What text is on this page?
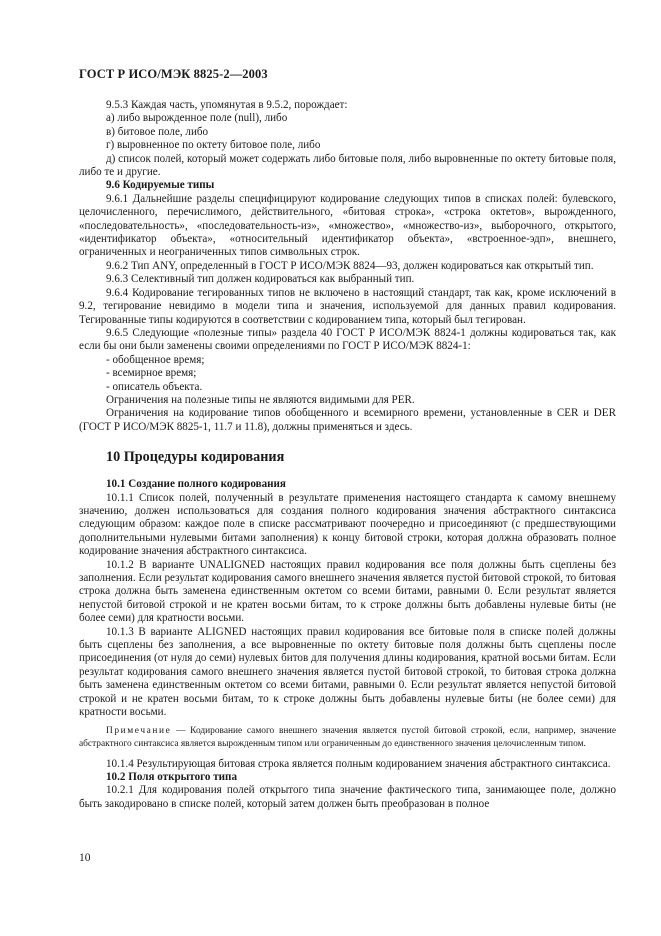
ГОСТ Р ИСО/МЭК 8825-2—2003

9.5.3 Каждая часть, упомянутая в 9.5.2, порождает:

а) либо вырожденное поле (null), либо

в) битовое поле, либо

г) выровненное по октету битовое поле, либо

д) список полей, который может содержать либо битовые поля, либо выровненные по октету битовые поля, либо те и другие.

9.6 Кодируемые типы

9.6.1 Дальнейшие разделы специфицируют кодирование следующих типов в списках полей: булевского, целочисленного, перечислимого, действительного, «битовая строка», «строка октетов», вырожденного, «последовательность», «последовательность-из», «множество», «множество-из», выборочного, открытого, «идентификатор объекта», «относительный идентификатор объекта», «встроенное-эдп», внешнего, ограниченных и неограниченных типов символьных строк.

9.6.2 Тип ANY, определенный в ГОСТ Р ИСО/МЭК 8824—93, должен кодироваться как открытый тип.

9.6.3 Селективный тип должен кодироваться как выбранный тип.

9.6.4 Кодирование тегированных типов не включено в настоящий стандарт, так как, кроме исключений в 9.2, тегирование невидимо в модели типа и значения, используемой для данных правил кодирования. Тегированные типы кодируются в соответствии с кодированием типа, который был тегирован.

9.6.5 Следующие «полезные типы» раздела 40 ГОСТ Р ИСО/МЭК 8824-1 должны кодироваться так, как если бы они были заменены своими определениями по ГОСТ Р ИСО/МЭК 8824-1:

- обобщенное время;

- всемирное время;

- описатель объекта.

Ограничения на полезные типы не являются видимыми для PER.

Ограничения на кодирование типов обобщенного и всемирного времени, установленные в CER и DER (ГОСТ Р ИСО/МЭК 8825-1, 11.7 и 11.8), должны применяться и здесь.

10 Процедуры кодирования

10.1 Создание полного кодирования

10.1.1 Список полей, полученный в результате применения настоящего стандарта к самому внешнему значению, должен использоваться для создания полного кодирования значения абстрактного синтаксиса следующим образом: каждое поле в списке рассматривают поочередно и присоединяют (с предшествующими дополнительными нулевыми битами заполнения) к концу битовой строки, которая должна образовать полное кодирование значения абстрактного синтаксиса.

10.1.2 В варианте UNALIGNED настоящих правил кодирования все поля должны быть сцеплены без заполнения. Если результат кодирования самого внешнего значения является пустой битовой строкой, то битовая строка должна быть заменена единственным октетом со всеми битами, равными 0. Если результат является непустой битовой строкой и не кратен восьми битам, то к строке должны быть добавлены нулевые биты (не более семи) для кратности восьми.

10.1.3 В варианте ALIGNED настоящих правил кодирования все битовые поля в списке полей должны быть сцеплены без заполнения, а все выровненные по октету битовые поля должны быть сцеплены после присоединения (от нуля до семи) нулевых битов для получения длины кодирования, кратной восьми битам. Если результат кодирования самого внешнего значения является пустой битовой строкой, то битовая строка должна быть заменена единственным октетом со всеми битами, равными 0. Если результат является непустой битовой строкой и не кратен восьми битам, то к строке должны быть добавлены нулевые биты (не более семи) для кратности восьми.

Примечание — Кодирование самого внешнего значения является пустой битовой строкой, если, например, значение абстрактного синтаксиса является вырожденным типом или ограниченным до единственного значения целочисленным типом.

10.1.4 Результирующая битовая строка является полным кодированием значения абстрактного синтаксиса.

10.2 Поля открытого типа

10.2.1 Для кодирования полей открытого типа значение фактического типа, занимающее поле, должно быть закодировано в списке полей, который затем должен быть преобразован в полное

10
